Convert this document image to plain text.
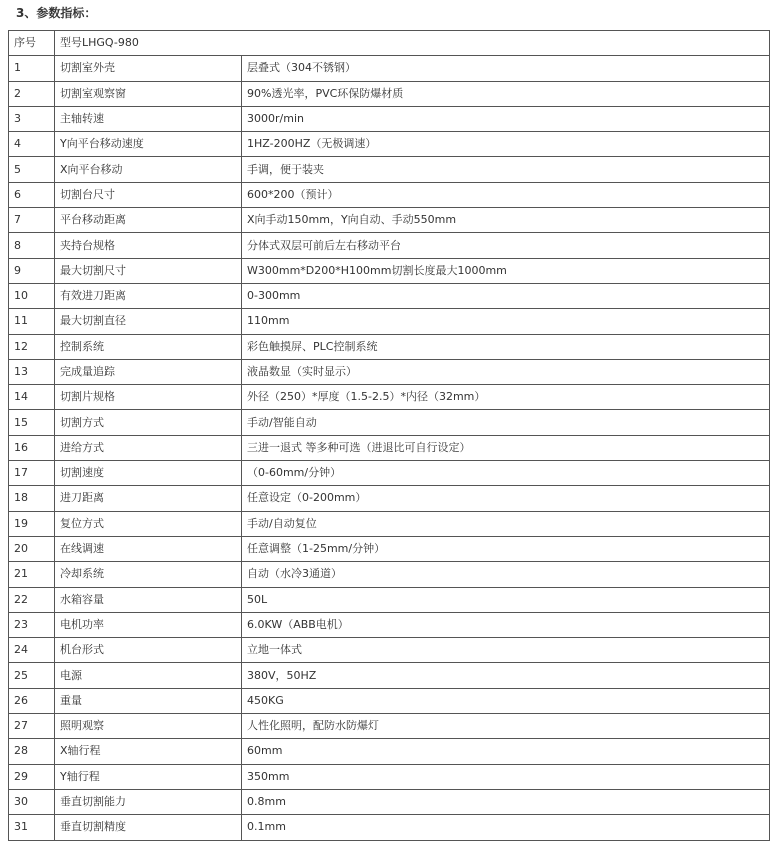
3、参数指标：
序号	型号LHGQ-980	
1	切割室外壳	层叠式（304不锈钢）
2	切割室观察窗	90%透光率，PVC环保防爆材质
3	主轴转速	3000r/min
4	Y向平台移动速度	1HZ-200HZ（无极调速）
5	X向平台移动	手调，便于装夹
6	切割台尺寸	600*200（预计）
7	平台移动距离	X向手动150mm，Y向自动、手动550mm
8	夹持台规格	分体式双层可前后左右移动平台
9	最大切割尺寸	W300mm*D200*H100mm切割长度最大1000mm
10	有效进刀距离	0-300mm
11	最大切割直径	110mm
12	控制系统	彩色触摸屏、PLC控制系统
13	完成量追踪	液晶数显（实时显示）
14	切割片规格	外径（250）*厚度（1.5-2.5）*内径（32mm）
15	切割方式	手动/智能自动
16	进给方式	三进一退式 等多种可选（进退比可自行设定）
17	切割速度	（0-60mm/分钟）
18	进刀距离	任意设定（0-200mm）
19	复位方式	手动/自动复位
20	在线调速	任意调整（1-25mm/分钟）
21	冷却系统	自动（水冷3通道）
22	水箱容量	50L
23	电机功率	6.0KW（ABB电机）
24	机台形式	立地一体式
25	电源	380V，50HZ
26	重量	450KG
27	照明观察	人性化照明，配防水防爆灯
28	X轴行程	60mm
29	Y轴行程	350mm
30	垂直切割能力	0.8mm
31	垂直切割精度	0.1mm
